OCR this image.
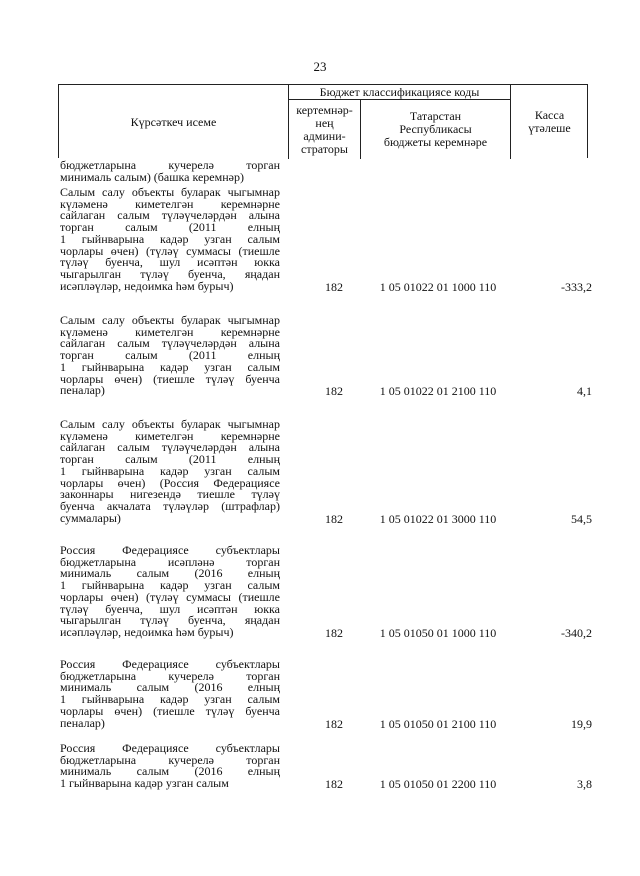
23
Күрсәткеч исеме
Бюджет классификациясе коды
кертемнәр-
нең
админи-
страторы
Татарстан
Республикасы
бюджеты керемнәре
Касса
үтәлеше
бюджетларына кучерелә торган
минималь салым) (башка керемнәр)
Салым салу объекты буларак чыгымнар
күләменә киметелгән керемнәрне
сайлаган салым түләүчеләрдән алына
торган салым (2011 елның
1 гыйнварына кадәр узган салым
чорлары өчен) (түләү суммасы (тиешле
түләү буенча, шул исәптән юкка
чыгарылган түләү буенча, яңадан
исәпләүләр, недоимка һәм бурыч)	182	1 05 01022 01 1000 110	-333,2
Салым салу объекты буларак чыгымнар
күләменә киметелгән керемнәрне
сайлаган салым түләүчеләрдән алына
торган салым (2011 елның
1 гыйнварына кадәр узган салым
чорлары өчен) (тиешле түләү буенча
пеналар)	182	1 05 01022 01 2100 110	4,1
Салым салу объекты буларак чыгымнар
күләменә киметелгән керемнәрне
сайлаган салым түләүчеләрдән алына
торган салым (2011 елның
1 гыйнварына кадәр узган салым
чорлары өчен) (Россия Федерациясе
законнары нигезендә тиешле түләү
буенча акчалата түләүләр (штрафлар)
суммалары)	182	1 05 01022 01 3000 110	54,5
Россия Федерациясе субъектлары
бюджетларына исәпләнә торган
минималь салым (2016 елның
1 гыйнварына кадәр узган салым
чорлары өчен) (түләү суммасы (тиешле
түләү буенча, шул исәптән юкка
чыгарылган түләү буенча, яңадан
исәпләүләр, недоимка һәм бурыч)	182	1 05 01050 01 1000 110	-340,2
Россия Федерациясе субъектлары
бюджетларына кучерелә торган
минималь салым (2016 елның
1 гыйнварына кадәр узган салым
чорлары өчен) (тиешле түләү буенча
пеналар)	182	1 05 01050 01 2100 110	19,9
Россия Федерациясе субъектлары
бюджетларына кучерелә торган
минималь салым (2016 елның
1 гыйнварына кадәр узган салым	182	1 05 01050 01 2200 110	3,8
